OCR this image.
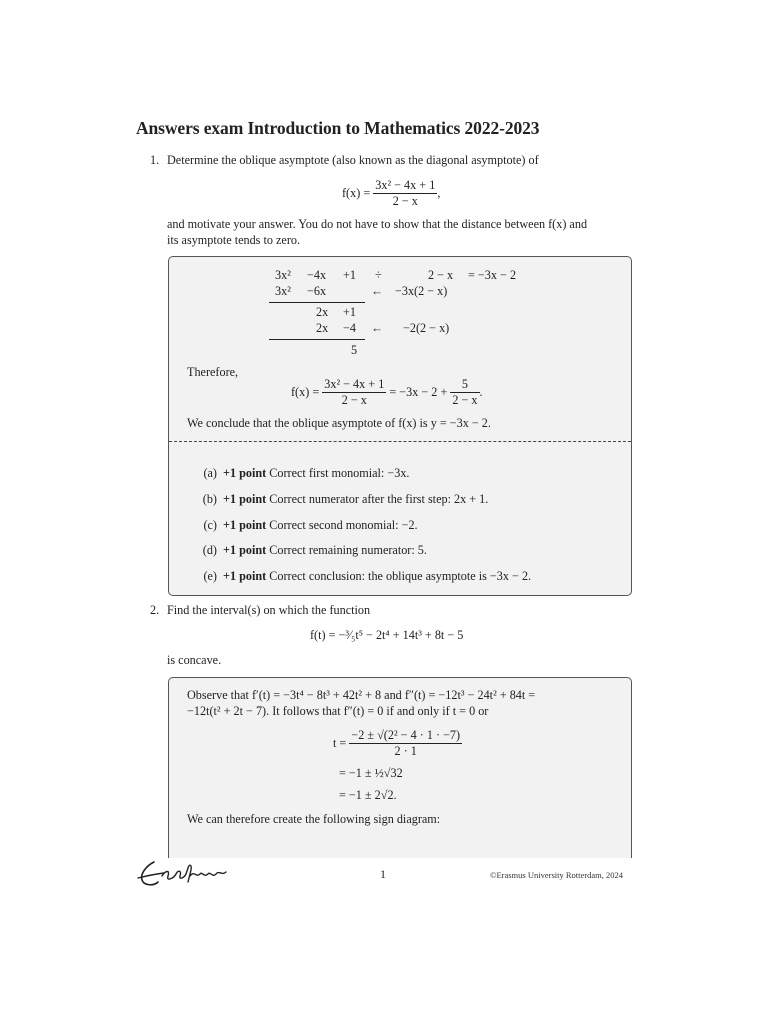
Answers exam Introduction to Mathematics 2022-2023
1. Determine the oblique asymptote (also known as the diagonal asymptote) of
$f(x) = \frac{\text{3x² − 4x + 1}}{2 - x}$ ,
and motivate your answer. You do not have to show that the distance between f(x) and
its asymptote tends to zero.
3x² −4x +1 ÷	2 − x = −3x − 2
3x² −6x	← −3x(2 − x)
2x +1
2x −4 ← −2(2 − x)
5
Therefore,
$f(x) = \frac{\text{3x² − 4x + 1}}{2 - x} = -3x - 2 + \frac{5}{2 - x}$ .
We conclude that the oblique asymptote of f(x) is y = −3x − 2.
(a) +1 point Correct first monomial: −3x.
(b) +1 point Correct numerator after the first step: 2x + 1.
(c) +1 point Correct second monomial: −2.
(d) +1 point Correct remaining numerator: 5.
(e) +1 point Correct conclusion: the oblique asymptote is −3x − 2.
2. Find the interval(s) on which the function
f(t) = −³⁄₅t⁵ − 2t⁴ + 14t³ + 8t − 5
is concave.
Observe that f′(t) = −3t⁴ − 8t³ + 42t² + 8 and f″(t) = −12t³ − 24t² + 84t =
−12t(t² + 2t − 7). It follows that f″(t) = 0 if and only if t = 0 or
$t = \frac{\text{−2 ± √(2² − 4 · 1 · −7)}}{2 \cdot 1}$
= −1 ± ½√32
= −1 ± 2√2.
We can therefore create the following sign diagram:
1	©Erasmus University Rotterdam, 2024
